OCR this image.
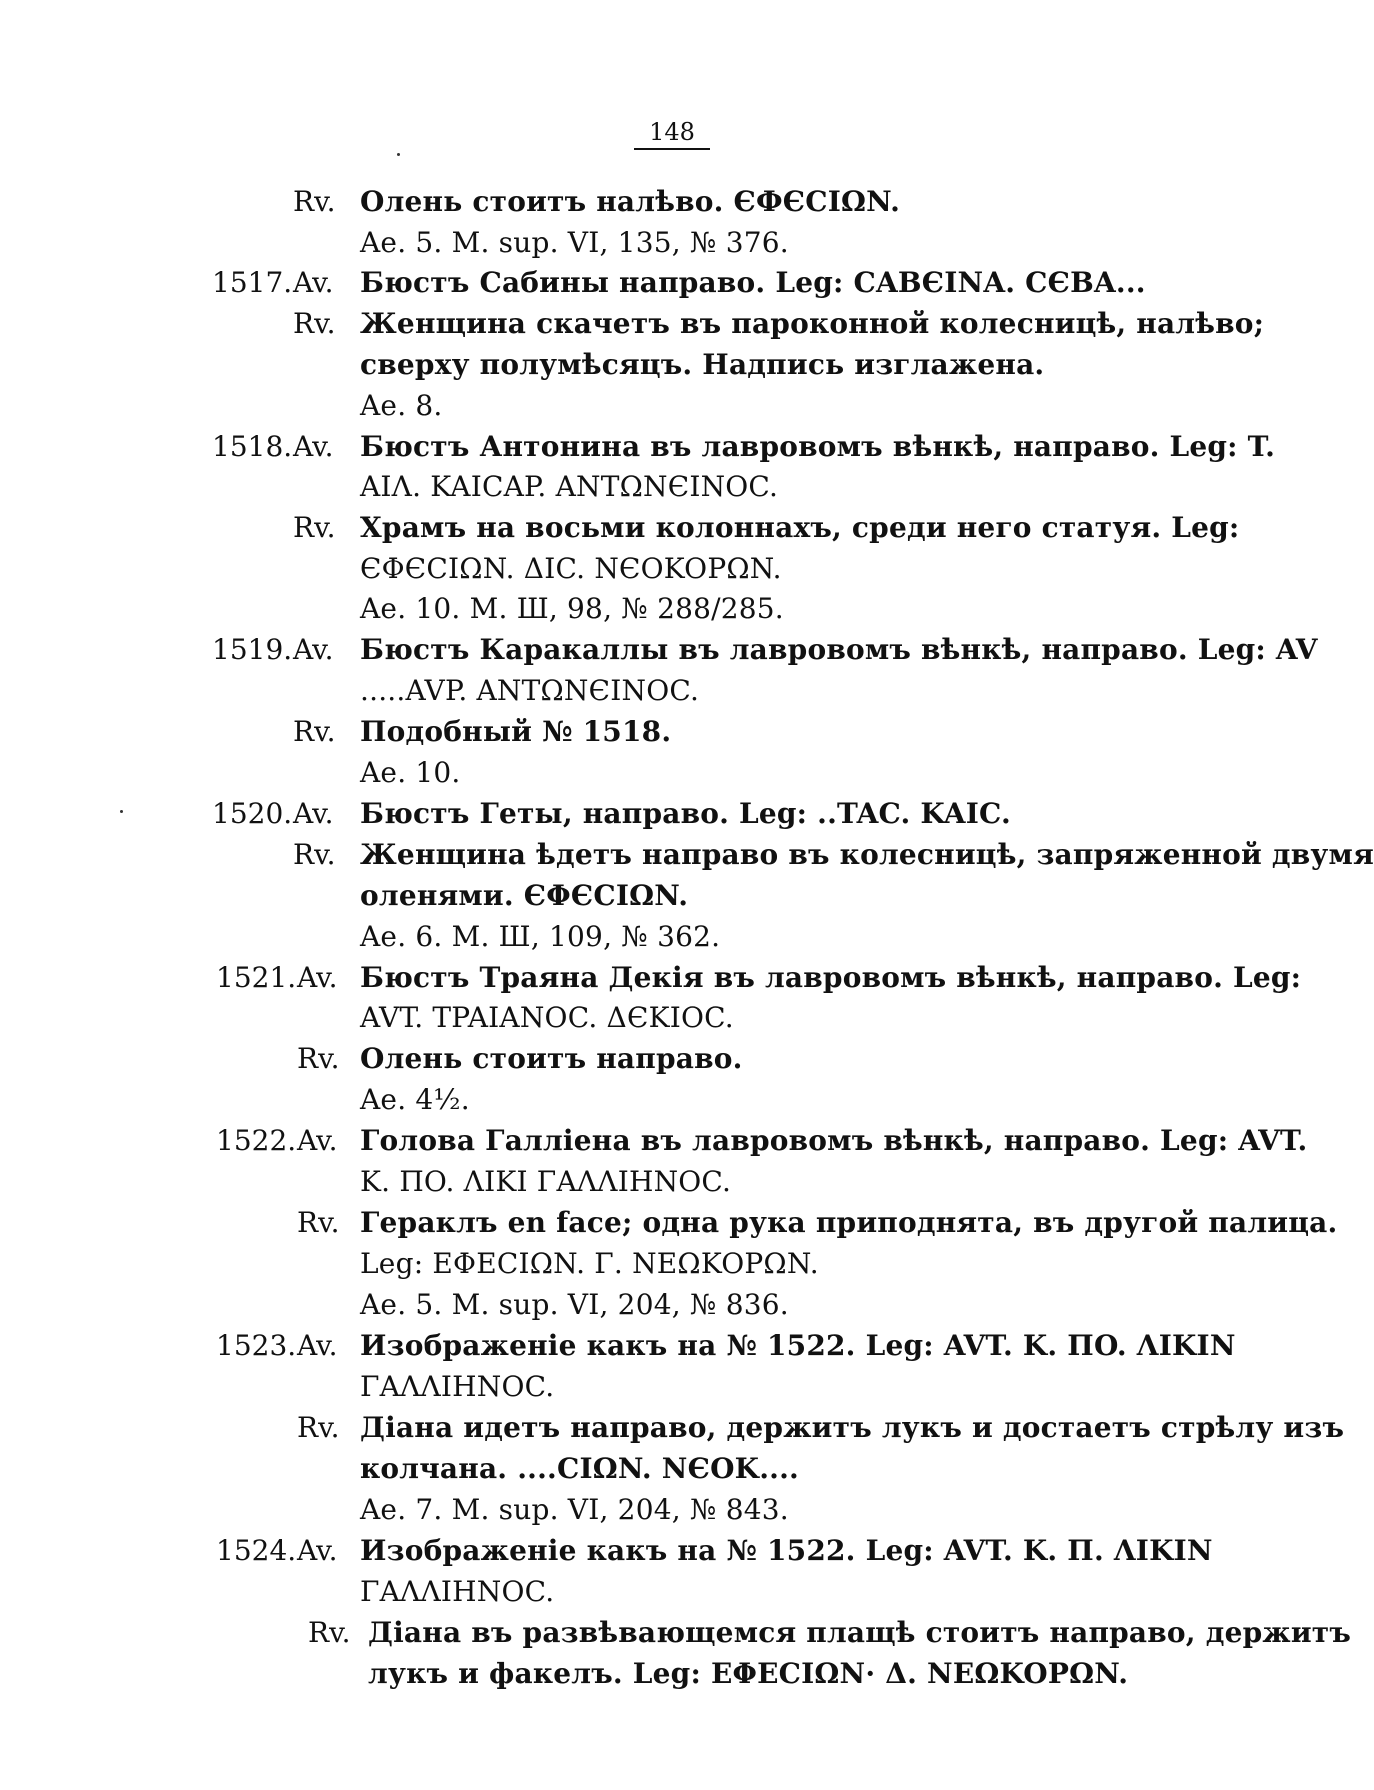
148
Rv. Олень стоитъ налѣво. ЄФЄCIΩN.
Ae. 5. M. sup. VI, 135, № 376.
1517. Av. Бюстъ Сабины направо. Leg: CABЄINA. CЄBA...
Rv. Женщина скачетъ въ пароконной колесницѣ, налѣво;
сверху полумѣсяцъ. Надпись изглажена.
Ae. 8.
1518. Av. Бюстъ Антонина въ лавровомъ вѣнкѣ, направо. Leg: T.
AIΛ. KAICAP. ANTΩNЄINOC.
Rv. Храмъ на восьми колоннахъ, среди него статуя. Leg:
ЄΦЄCIΩN. ΔIC. NЄOKOPΩN.
Ae. 10. M. Ш, 98, № 288/285.
1519. Av. Бюстъ Каракаллы въ лавровомъ вѣнкѣ, направо. Leg: AV
.....AVP. ANTΩNЄINOC.
Rv. Подобный № 1518.
Ae. 10.
1520. Av. Бюстъ Геты, направо. Leg: ..TAC. KAIC.
Rv. Женщина ѣдетъ направо въ колесницѣ, запряженной двумя
оленями. ЄΦЄCIΩN.
Ae. 6. M. Ш, 109, № 362.
1521. Av. Бюстъ Траяна Декія въ лавровомъ вѣнкѣ, направо. Leg:
AVT. TPAIANOC. ΔЄKIOC.
Rv. Олень стоитъ направо.
Ae. 4½.
1522. Av. Голова Галліена въ лавровомъ вѣнкѣ, направо. Leg: AVT.
K. ΠO. ΛIKI ΓAΛΛIHNOC.
Rv. Гераклъ en face; одна рука приподнята, въ другой палица.
Leg: EΦECIΩN. Γ. NEΩKOPΩN.
Ae. 5. M. sup. VI, 204, № 836.
1523. Av. Изображеніе какъ на № 1522. Leg: AVT. K. ΠO. ΛIKIN
ΓAΛΛIHNOC.
Rv. Діана идетъ направо, держитъ лукъ и достаетъ стрѣлу изъ
колчана. ....CIΩN. NЄOK....
Ae. 7. M. sup. VI, 204, № 843.
1524. Av. Изображеніе какъ на № 1522. Leg: AVT. K. Π. ΛIKIN
ΓAΛΛIHNOC.
Rv. Діана въ развѣвающемся плащѣ стоитъ направо, держитъ
лукъ и факелъ. Leg: EΦECIΩN· Δ. NEΩKOPΩN.
